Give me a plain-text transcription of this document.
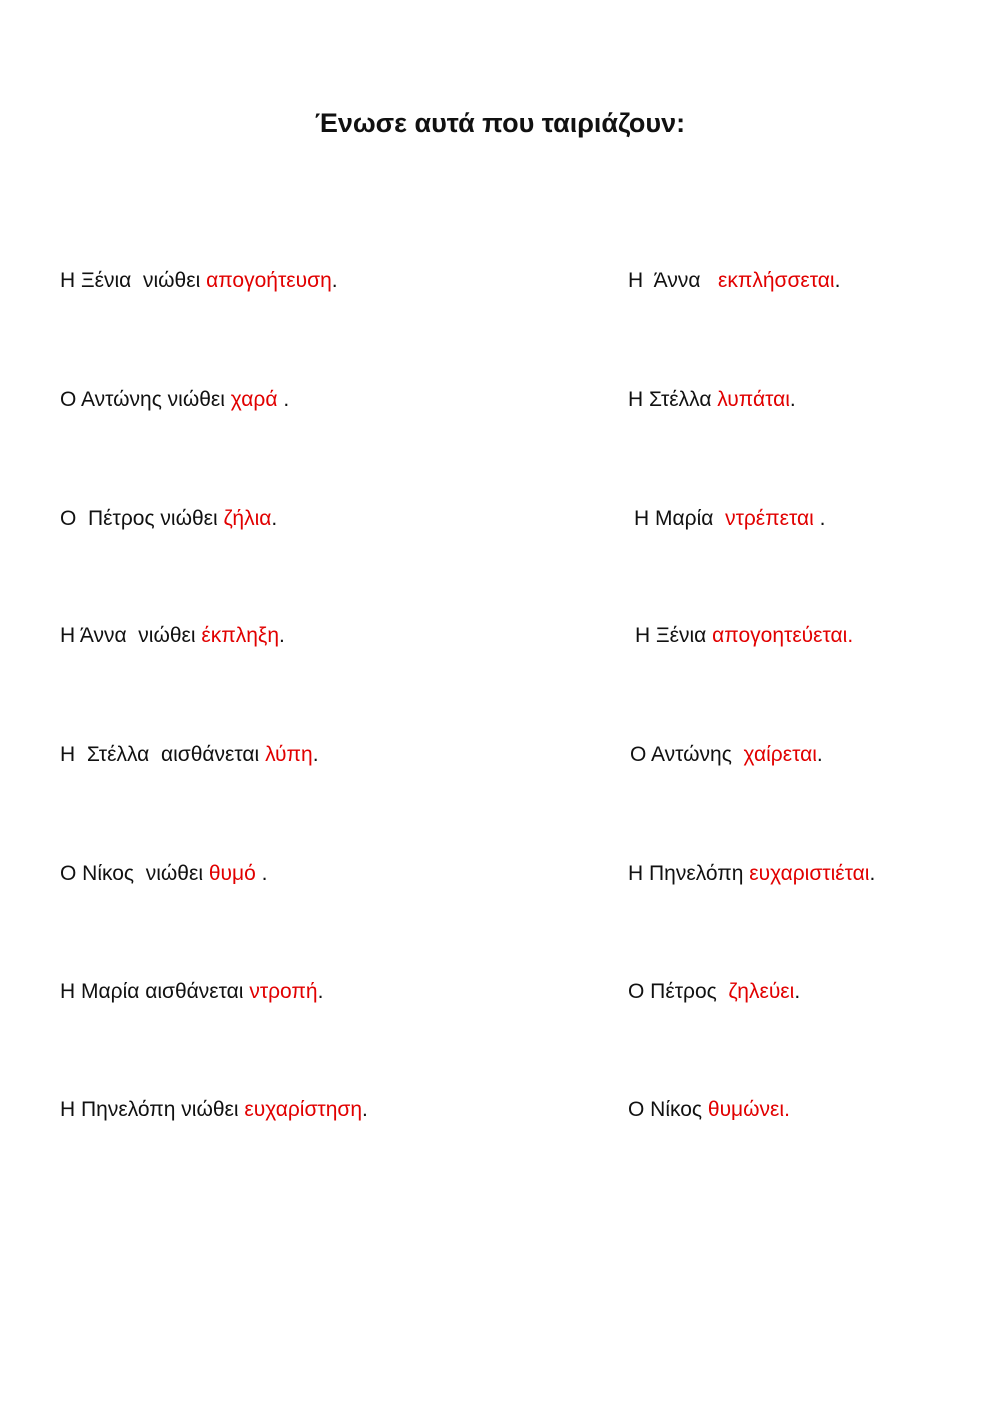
Ένωσε αυτά που ταιριάζουν:
Η Ξένια  νιώθει απογοήτευση.
Ο Αντώνης νιώθει χαρά .
Ο  Πέτρος νιώθει ζήλια.
Η Άννα  νιώθει έκπληξη.
Η  Στέλλα  αισθάνεται λύπη.
Ο Νίκος  νιώθει θυμό .
Η Μαρία αισθάνεται ντροπή.
Η Πηνελόπη νιώθει ευχαρίστηση.
Η  Άννα   εκπλήσσεται.
Η Στέλλα λυπάται.
Η Μαρία  ντρέπεται .
Η Ξένια απογοητεύεται.
Ο Αντώνης  χαίρεται.
Η Πηνελόπη ευχαριστιέται.
Ο Πέτρος  ζηλεύει.
Ο Νίκος θυμώνει.
